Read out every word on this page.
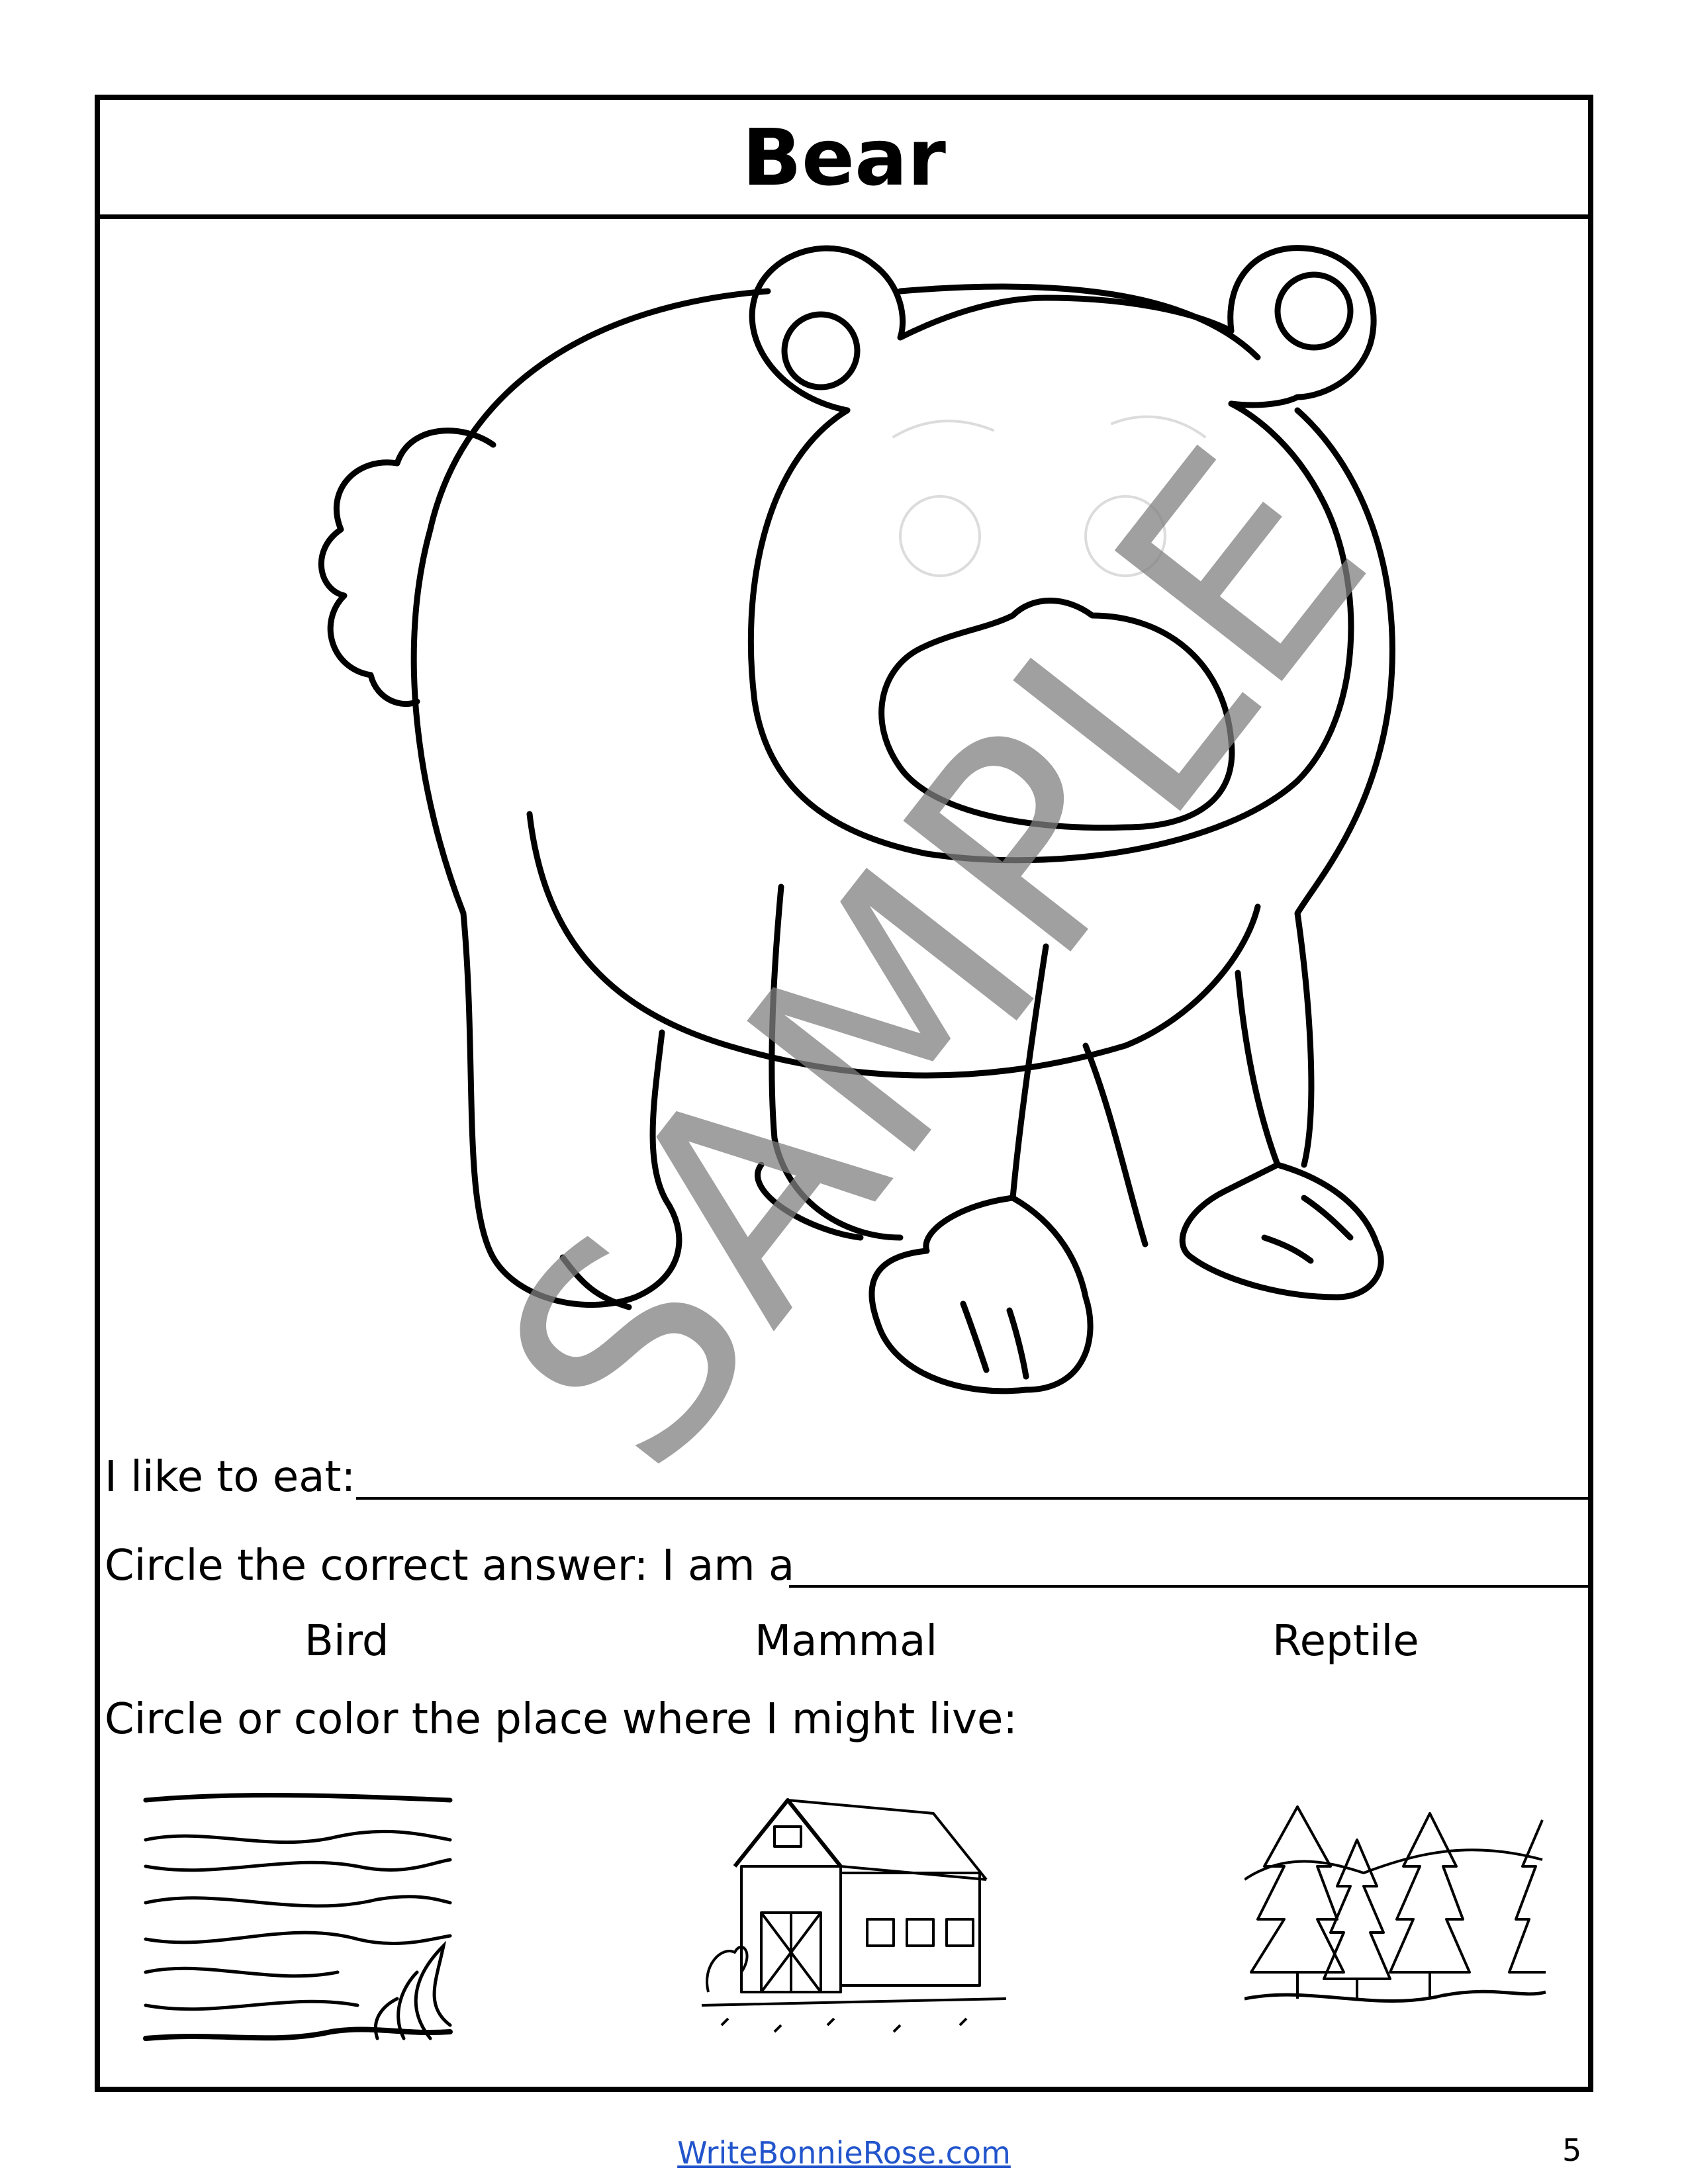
Bear
SAMPLE
I like to eat:
Circle the correct answer: I am a
Bird	Mammal	Reptile
Circle or color the place where I might live:
WriteBonnieRose.com	5
